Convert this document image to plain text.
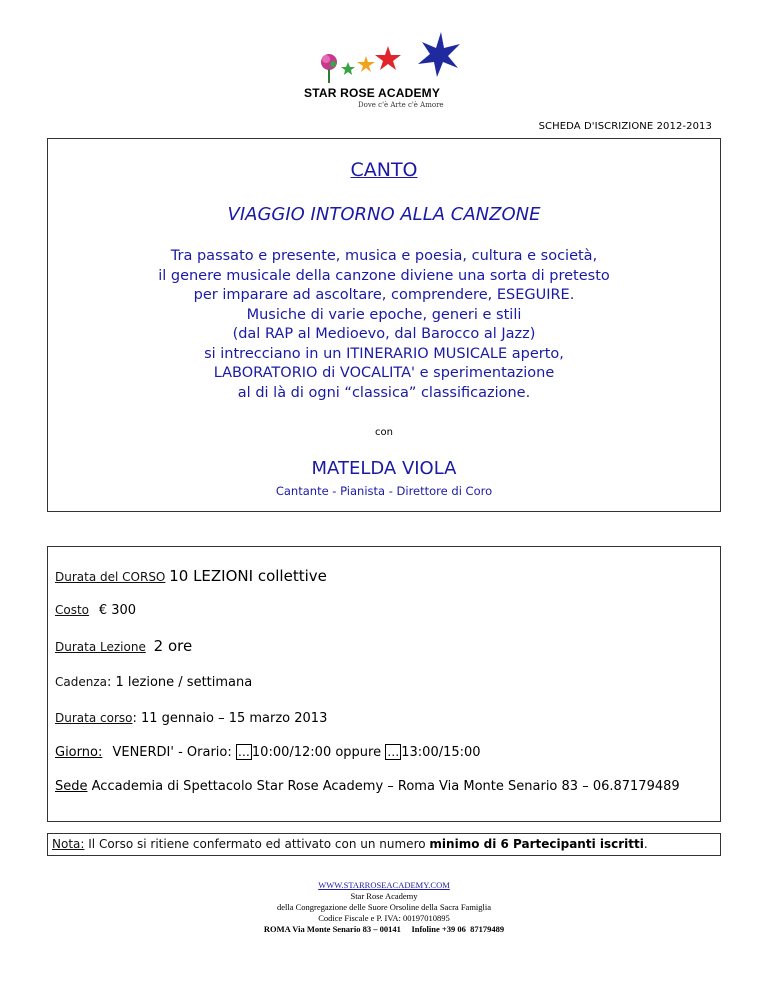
STAR ROSE ACADEMY
Dove c'è Arte c'è Amore
SCHEDA D'ISCRIZIONE 2012-2013
CANTO
VIAGGIO INTORNO ALLA CANZONE
Tra passato e presente, musica e poesia, cultura e società,
il genere musicale della canzone diviene una sorta di pretesto
per imparare ad ascoltare, comprendere, ESEGUIRE.
Musiche di varie epoche, generi e stili
(dal RAP al Medioevo, dal Barocco al Jazz)
si intrecciano in un ITINERARIO MUSICALE aperto,
LABORATORIO di VOCALITA' e sperimentazione
al di là di ogni “classica” classificazione.
con
MATELDA VIOLA
Cantante - Pianista - Direttore di Coro
Durata del CORSO 10 LEZIONI collettive
Costo € 300
Durata Lezione 2 ore
Cadenza: 1 lezione / settimana
Durata corso: 11 gennaio – 15 marzo 2013
Giorno: VENERDI' - Orario: … 10:00/12:00 oppure … 13:00/15:00
Sede Accademia di Spettacolo Star Rose Academy – Roma Via Monte Senario 83 – 06.87179489
Nota: Il Corso si ritiene confermato ed attivato con un numero minimo di 6 Partecipanti iscritti.
WWW.STARROSEACADEMY.COM
Star Rose Academy
della Congregazione delle Suore Orsoline della Sacra Famiglia
Codice Fiscale e P. IVA: 00197010895
ROMA Via Monte Senario 83 – 00141     Infoline +39 06  87179489
